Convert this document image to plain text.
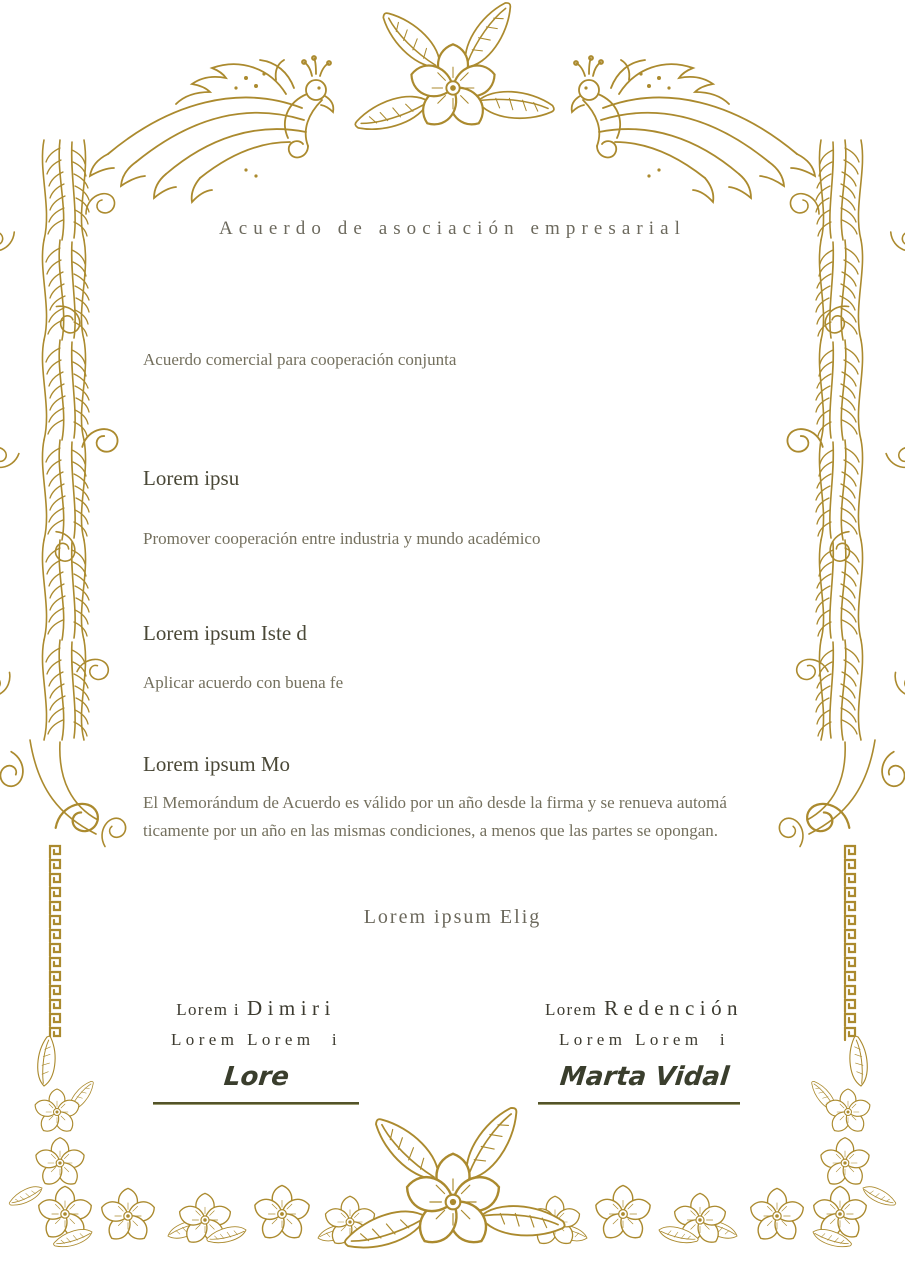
Acuerdo de asociación empresarial
Acuerdo comercial para cooperación conjunta
Lorem ipsu
Promover cooperación entre industria y mundo académico
Lorem ipsum Iste d
Aplicar acuerdo con buena fe
Lorem ipsum Mo
El Memorándum de Acuerdo es válido por un año desde la firma y se renueva automá
ticamente por un año en las mismas condiciones, a menos que las partes se opongan.
Lorem ipsum Elig
Lorem i Dimiri
Lorem Lorem  i
Lore
Lorem Redención
Lorem Lorem  i
Marta Vidal
